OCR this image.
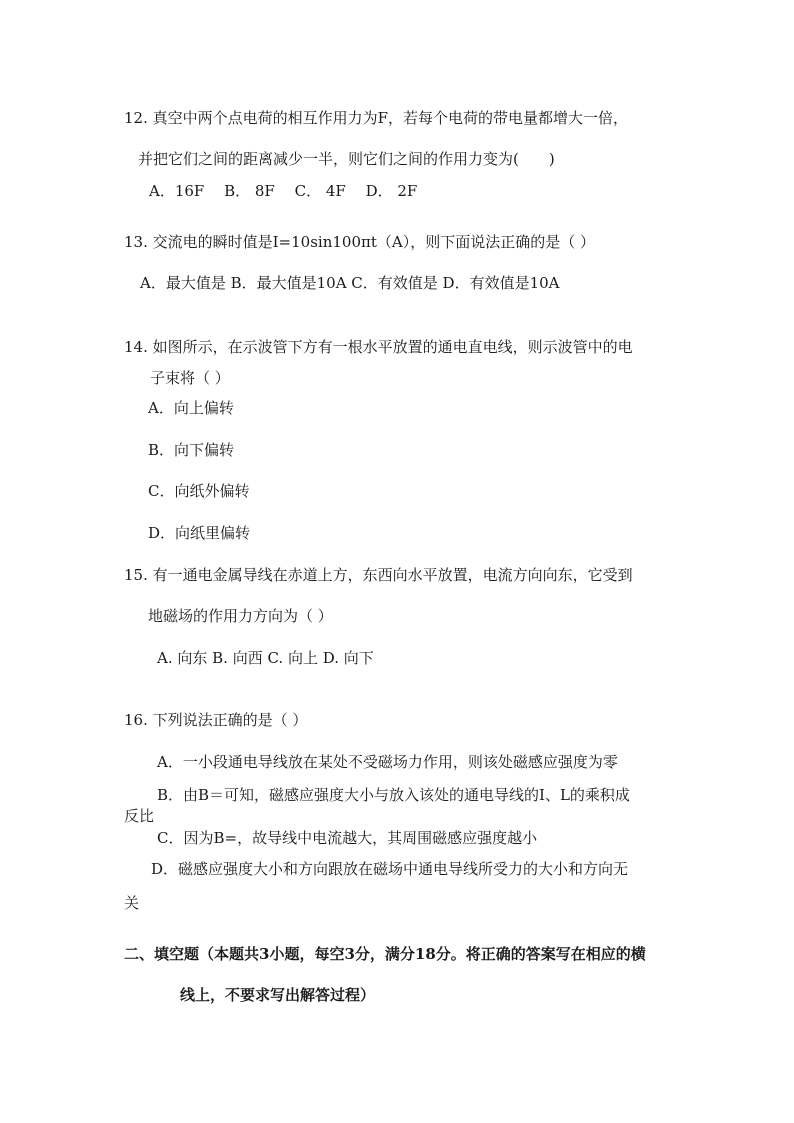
12. 真空中两个点电荷的相互作用力为F，若每个电荷的带电量都增大一倍，
并把它们之间的距离减少一半，则它们之间的作用力变为(　　)
A．16F　 B． 8F　 C． 4F　 D． 2F
13. 交流电的瞬时值是I=10sin100πt（A），则下面说法正确的是（ ）
A．最大值是 B．最大值是10A C．有效值是 D．有效值是10A
14. 如图所示，在示波管下方有一根水平放置的通电直电线，则示波管中的电
子束将（ ）
A．向上偏转
B．向下偏转
C．向纸外偏转
D．向纸里偏转
15. 有一通电金属导线在赤道上方，东西向水平放置，电流方向向东，它受到
地磁场的作用力方向为（ ）
A. 向东 B. 向西 C. 向上 D. 向下
16. 下列说法正确的是（ ）
A．一小段通电导线放在某处不受磁场力作用，则该处磁感应强度为零
B．由B＝可知，磁感应强度大小与放入该处的通电导线的I、L的乘积成
反比
C．因为B=，故导线中电流越大，其周围磁感应强度越小
D．磁感应强度大小和方向跟放在磁场中通电导线所受力的大小和方向无
关
二、填空题（本题共3小题，每空3分，满分18分。将正确的答案写在相应的横
线上，不要求写出解答过程）
